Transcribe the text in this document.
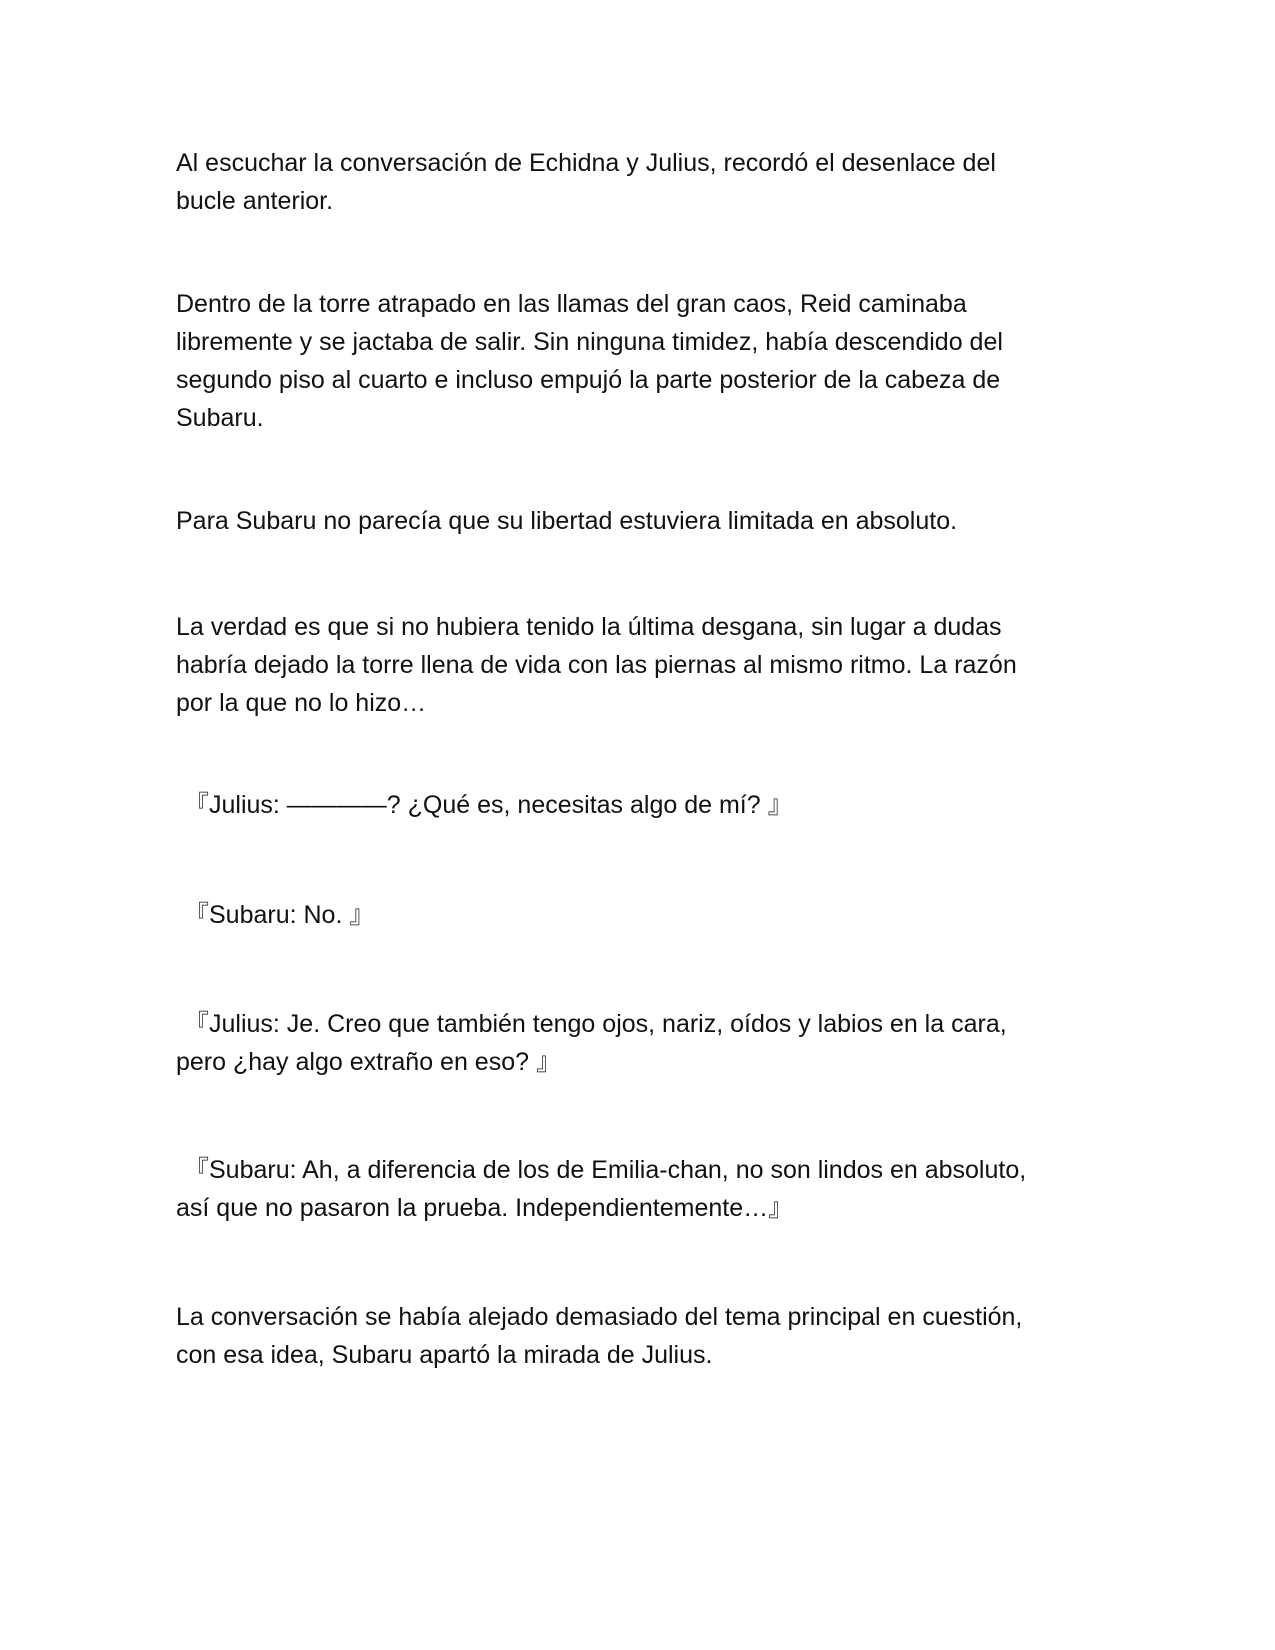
Al escuchar la conversación de Echidna y Julius, recordó el desenlace del
bucle anterior.

Dentro de la torre atrapado en las llamas del gran caos, Reid caminaba
libremente y se jactaba de salir. Sin ninguna timidez, había descendido del
segundo piso al cuarto e incluso empujó la parte posterior de la cabeza de
Subaru.

Para Subaru no parecía que su libertad estuviera limitada en absoluto.

La verdad es que si no hubiera tenido la última desgana, sin lugar a dudas
habría dejado la torre llena de vida con las piernas al mismo ritmo. La razón
por la que no lo hizo…

『Julius: ————? ¿Qué es, necesitas algo de mí? 』

『Subaru: No. 』

『Julius: Je. Creo que también tengo ojos, nariz, oídos y labios en la cara,
pero ¿hay algo extraño en eso? 』

『Subaru: Ah, a diferencia de los de Emilia-chan, no son lindos en absoluto,
así que no pasaron la prueba. Independientemente…』

La conversación se había alejado demasiado del tema principal en cuestión,
con esa idea, Subaru apartó la mirada de Julius.
